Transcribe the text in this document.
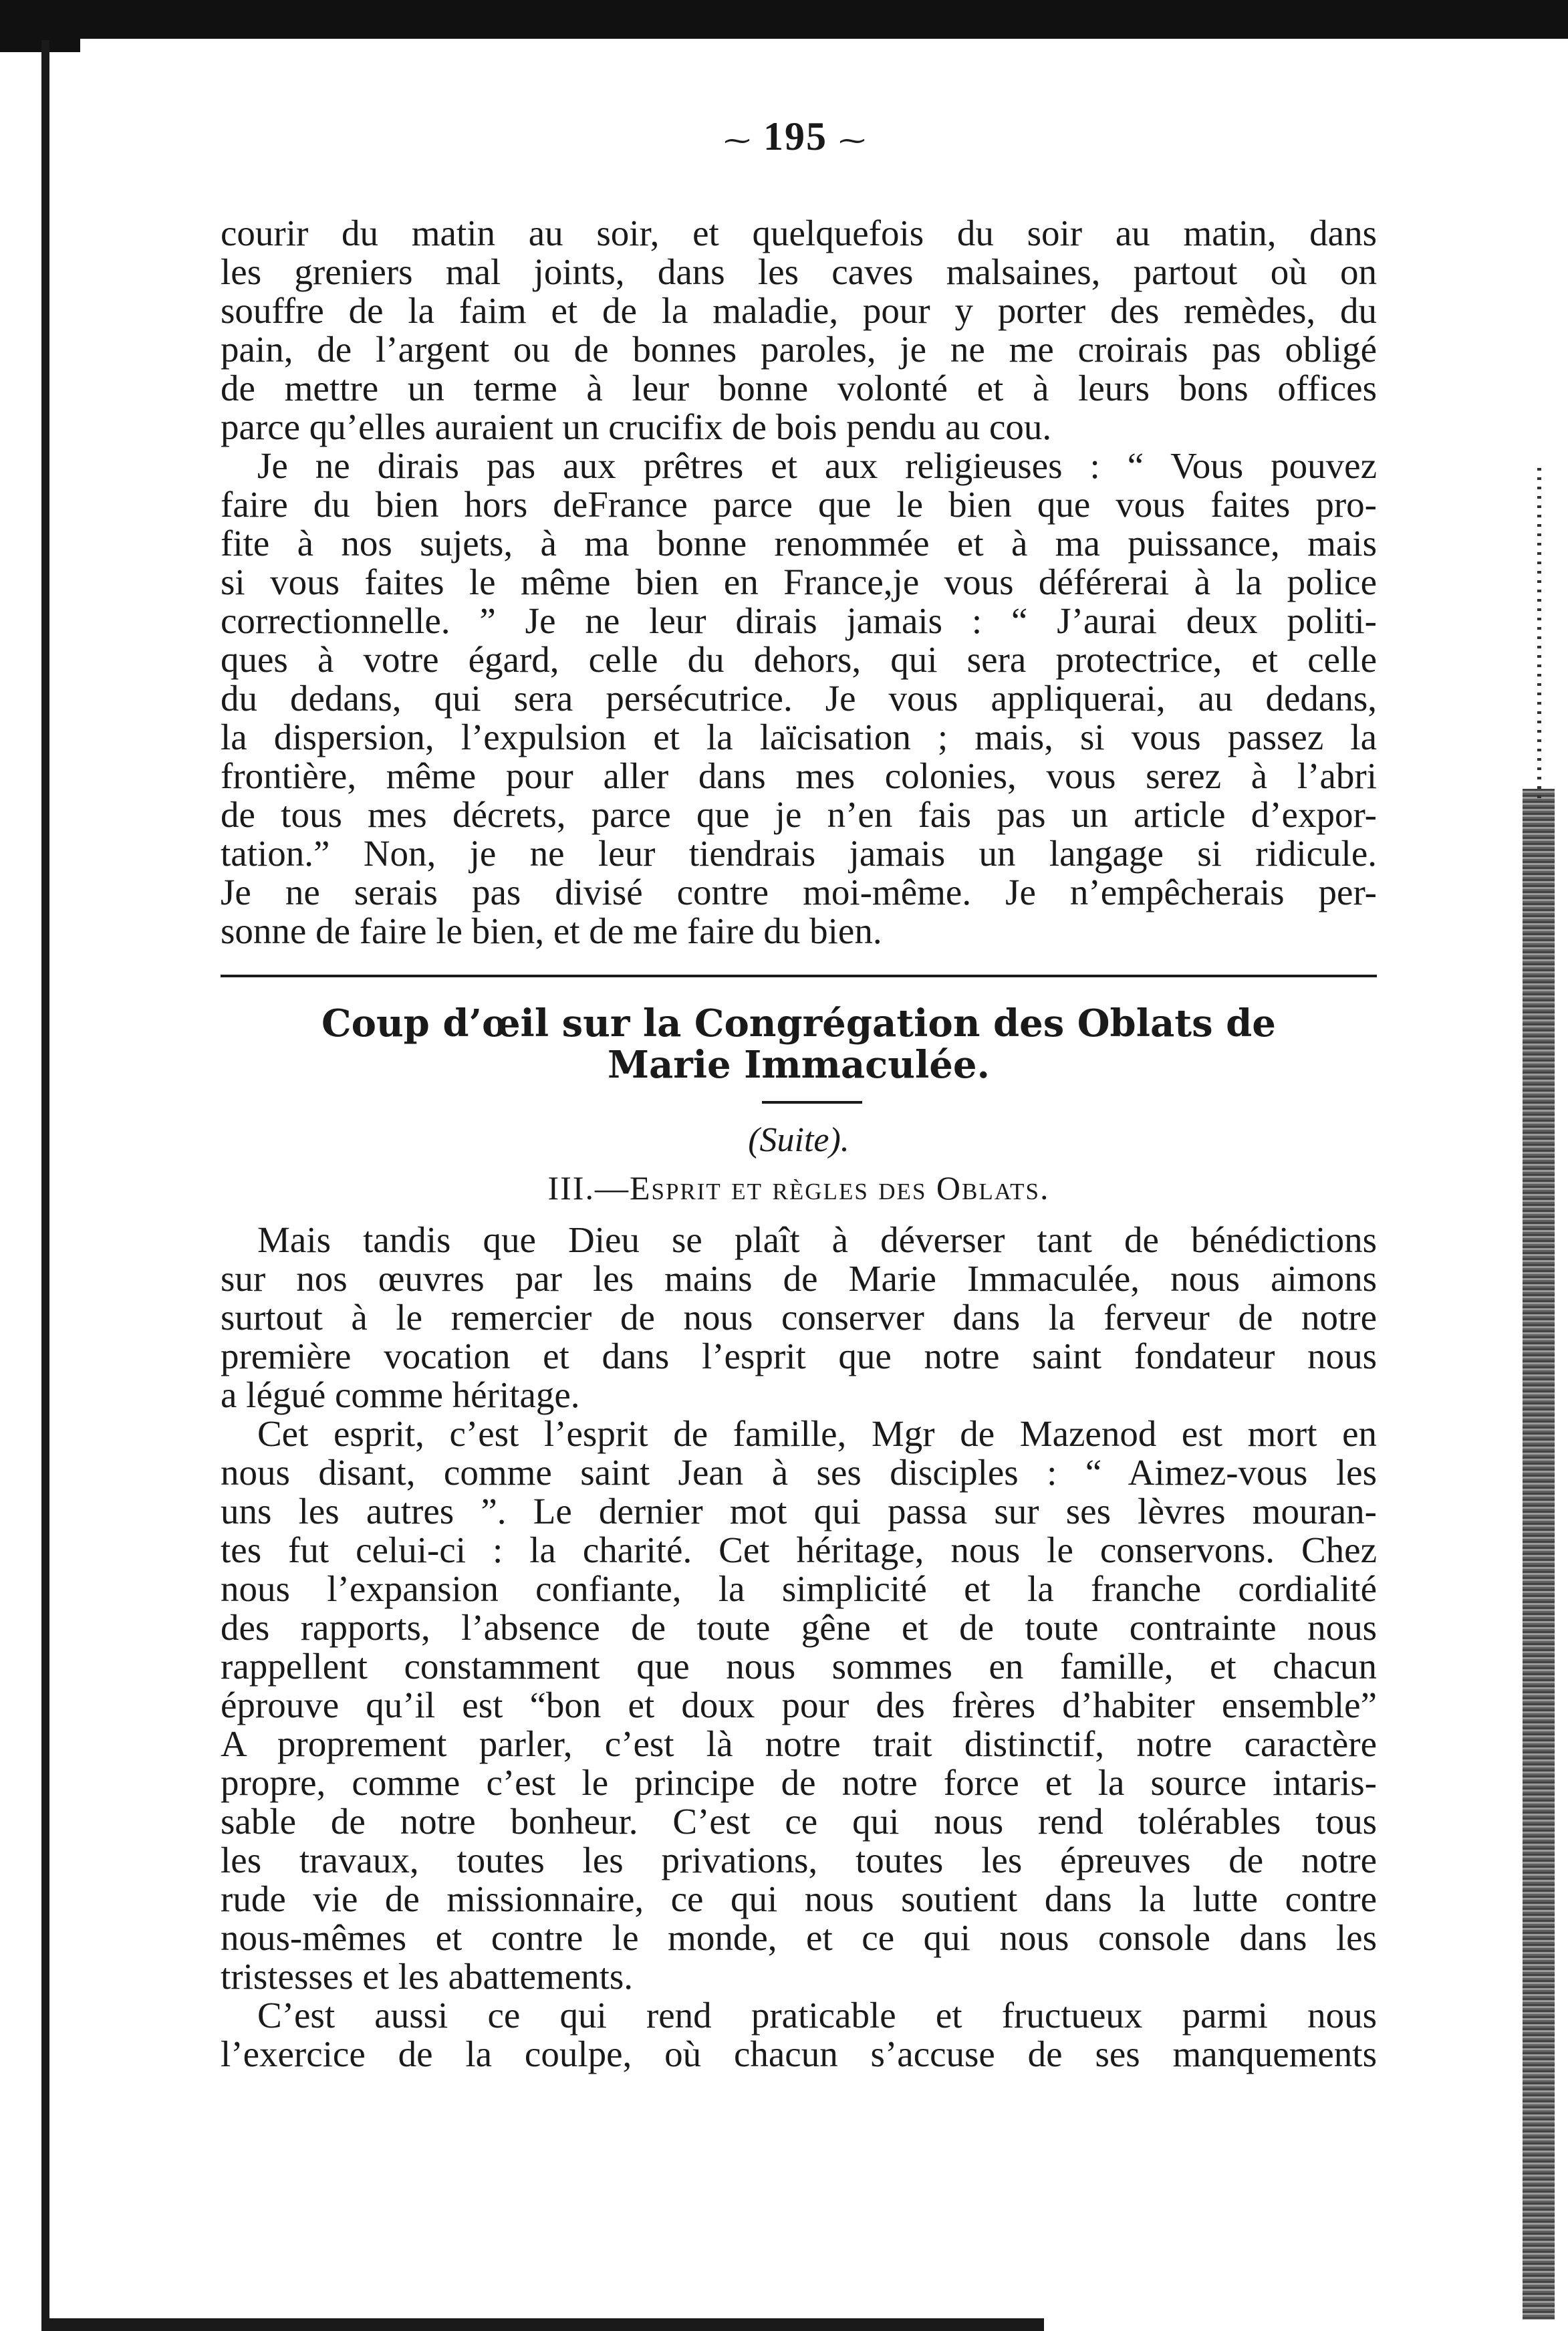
⁓ 195 ⁓

courir du matin au soir, et quelquefois du soir au matin, dans

les greniers mal joints, dans les caves malsaines, partout où on

souffre de la faim et de la maladie, pour y porter des remèdes, du

pain, de l’argent ou de bonnes paroles, je ne me croirais pas obligé

de mettre un terme à leur bonne volonté et à leurs bons offices

parce qu’elles auraient un crucifix de bois pendu au cou.

Je ne dirais pas aux prêtres et aux religieuses : “ Vous pouvez

faire du bien hors deFrance parce que le bien que vous faites pro-

fite à nos sujets, à ma bonne renommée et à ma puissance, mais

si vous faites le même bien en France,je vous déférerai à la police

correctionnelle. ” Je ne leur dirais jamais : “ J’aurai deux politi-

ques à votre égard, celle du dehors, qui sera protectrice, et celle

du dedans, qui sera persécutrice. Je vous appliquerai, au dedans,

la dispersion, l’expulsion et la laïcisation ; mais, si vous passez la

frontière, même pour aller dans mes colonies, vous serez à l’abri

de tous mes décrets, parce que je n’en fais pas un article d’expor-

tation.” Non, je ne leur tiendrais jamais un langage si ridicule.

Je ne serais pas divisé contre moi-même. Je n’empêcherais per-

sonne de faire le bien, et de me faire du bien.

Coup d’œil sur la Congrégation des Oblats de
Marie Immaculée.
(Suite).
III.—Esprit et règles des Oblats.

Mais tandis que Dieu se plaît à déverser tant de bénédictions

sur nos œuvres par les mains de Marie Immaculée, nous aimons

surtout à le remercier de nous conserver dans la ferveur de notre

première vocation et dans l’esprit que notre saint fondateur nous

a légué comme héritage.

Cet esprit, c’est l’esprit de famille, Mgr de Mazenod est mort en

nous disant, comme saint Jean à ses disciples : “ Aimez-vous les

uns les autres ”. Le dernier mot qui passa sur ses lèvres mouran-

tes fut celui-ci : la charité. Cet héritage, nous le conservons. Chez

nous l’expansion confiante, la simplicité et la franche cordialité

des rapports, l’absence de toute gêne et de toute contrainte nous

rappellent constamment que nous sommes en famille, et chacun

éprouve qu’il est “bon et doux pour des frères d’habiter ensemble”

A proprement parler, c’est là notre trait distinctif, notre caractère

propre, comme c’est le principe de notre force et la source intaris-

sable de notre bonheur. C’est ce qui nous rend tolérables tous

les travaux, toutes les privations, toutes les épreuves de notre

rude vie de missionnaire, ce qui nous soutient dans la lutte contre

nous-mêmes et contre le monde, et ce qui nous console dans les

tristesses et les abattements.

C’est aussi ce qui rend praticable et fructueux parmi nous

l’exercice de la coulpe, où chacun s’accuse de ses manquements
